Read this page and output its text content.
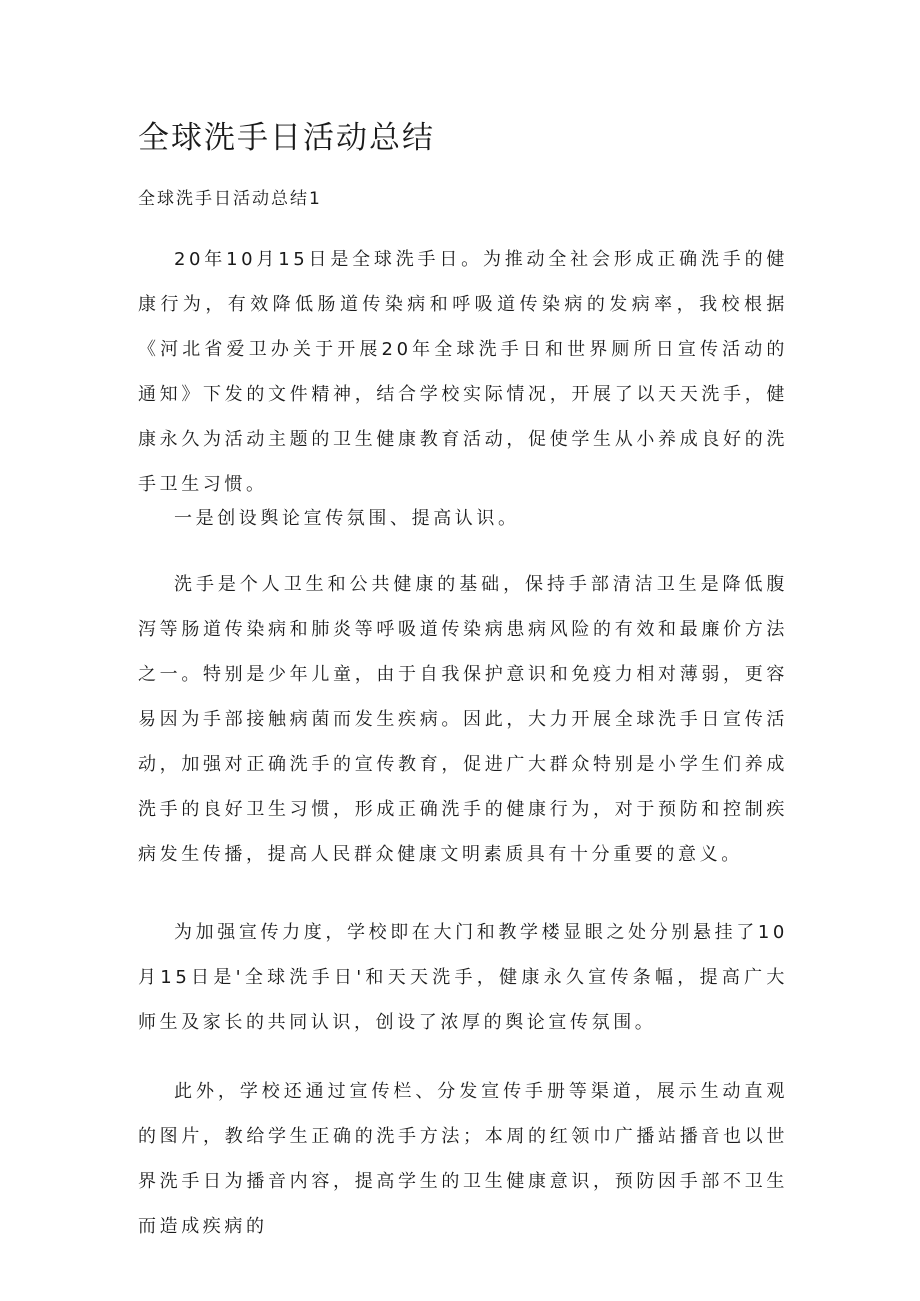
全球洗手日活动总结

全球洗手日活动总结1

20年10月15日是全球洗手日。为推动全社会形成正确洗手的健康行为，有效降低肠道传染病和呼吸道传染病的发病率，我校根据《河北省爱卫办关于开展20年全球洗手日和世界厕所日宣传活动的通知》下发的文件精神，结合学校实际情况，开展了以天天洗手，健康永久为活动主题的卫生健康教育活动，促使学生从小养成良好的洗手卫生习惯。

一是创设舆论宣传氛围、提高认识。

洗手是个人卫生和公共健康的基础，保持手部清洁卫生是降低腹泻等肠道传染病和肺炎等呼吸道传染病患病风险的有效和最廉价方法之一。特别是少年儿童，由于自我保护意识和免疫力相对薄弱，更容易因为手部接触病菌而发生疾病。因此，大力开展全球洗手日宣传活动，加强对正确洗手的宣传教育，促进广大群众特别是小学生们养成洗手的良好卫生习惯，形成正确洗手的健康行为，对于预防和控制疾病发生传播，提高人民群众健康文明素质具有十分重要的意义。

为加强宣传力度，学校即在大门和教学楼显眼之处分别悬挂了10月15日是'全球洗手日'和天天洗手，健康永久宣传条幅，提高广大师生及家长的共同认识，创设了浓厚的舆论宣传氛围。

此外，学校还通过宣传栏、分发宣传手册等渠道，展示生动直观的图片，教给学生正确的洗手方法；本周的红领巾广播站播音也以世界洗手日为播音内容，提高学生的卫生健康意识，预防因手部不卫生而造成疾病的
